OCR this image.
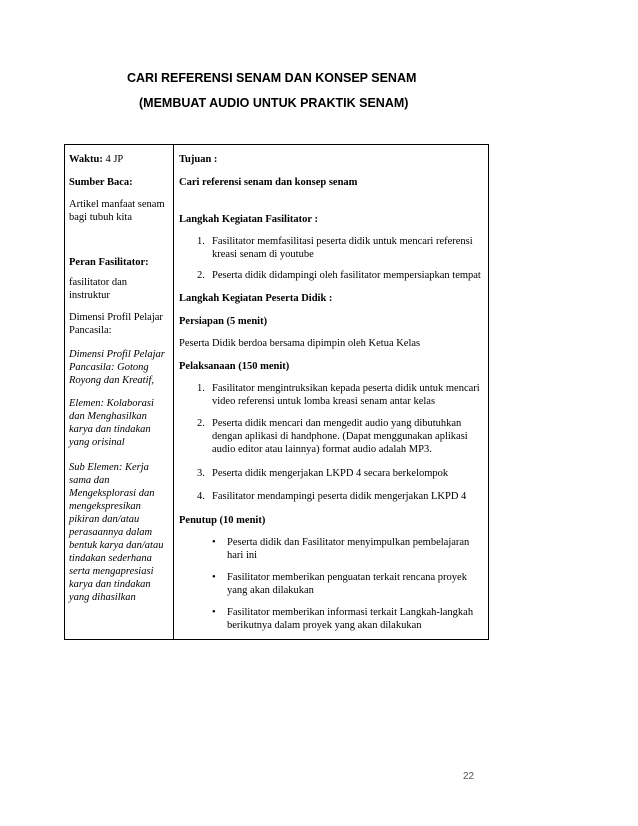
CARI REFERENSI SENAM DAN KONSEP SENAM
(MEMBUAT AUDIO UNTUK PRAKTIK SENAM)
Waktu: 4 JP
Sumber Baca:
Artikel manfaat senam
bagi tubuh kita
Peran Fasilitator:
fasilitator dan
instruktur
Dimensi Profil Pelajar
Pancasila:
Dimensi Profil Pelajar
Pancasila: Gotong
Royong dan Kreatif,
Elemen: Kolaborasi
dan Menghasilkan
karya dan tindakan
yang orisinal
Sub Elemen: Kerja
sama dan
Mengeksplorasi dan
mengekspresikan
pikiran dan/atau
perasaannya dalam
bentuk karya dan/atau
tindakan sederhana
serta mengapresiasi
karya dan tindakan
yang dihasilkan
Tujuan :
Cari referensi senam dan konsep senam
Langkah Kegiatan Fasilitator :
1. Fasilitator memfasilitasi peserta didik untuk mencari referensi
kreasi senam di youtube
2. Peserta didik didampingi oleh fasilitator mempersiapkan tempat
Langkah Kegiatan Peserta Didik :
Persiapan (5 menit)
Peserta Didik berdoa bersama dipimpin oleh Ketua Kelas
Pelaksanaan (150 menit)
1. Fasilitator mengintruksikan kepada peserta didik untuk mencari
video referensi untuk lomba kreasi senam antar kelas
2. Peserta didik mencari dan mengedit audio yang dibutuhkan
dengan aplikasi di handphone. (Dapat menggunakan aplikasi
audio editor atau lainnya) format audio adalah MP3.
3. Peserta didik mengerjakan LKPD 4 secara berkelompok
4. Fasilitator mendampingi peserta didik mengerjakan LKPD 4
Penutup (10 menit)
• Peserta didik dan Fasilitator menyimpulkan pembelajaran
hari ini
• Fasilitator memberikan penguatan terkait rencana proyek
yang akan dilakukan
• Fasilitator memberikan informasi terkait Langkah-langkah
berikutnya dalam proyek yang akan dilakukan
22
